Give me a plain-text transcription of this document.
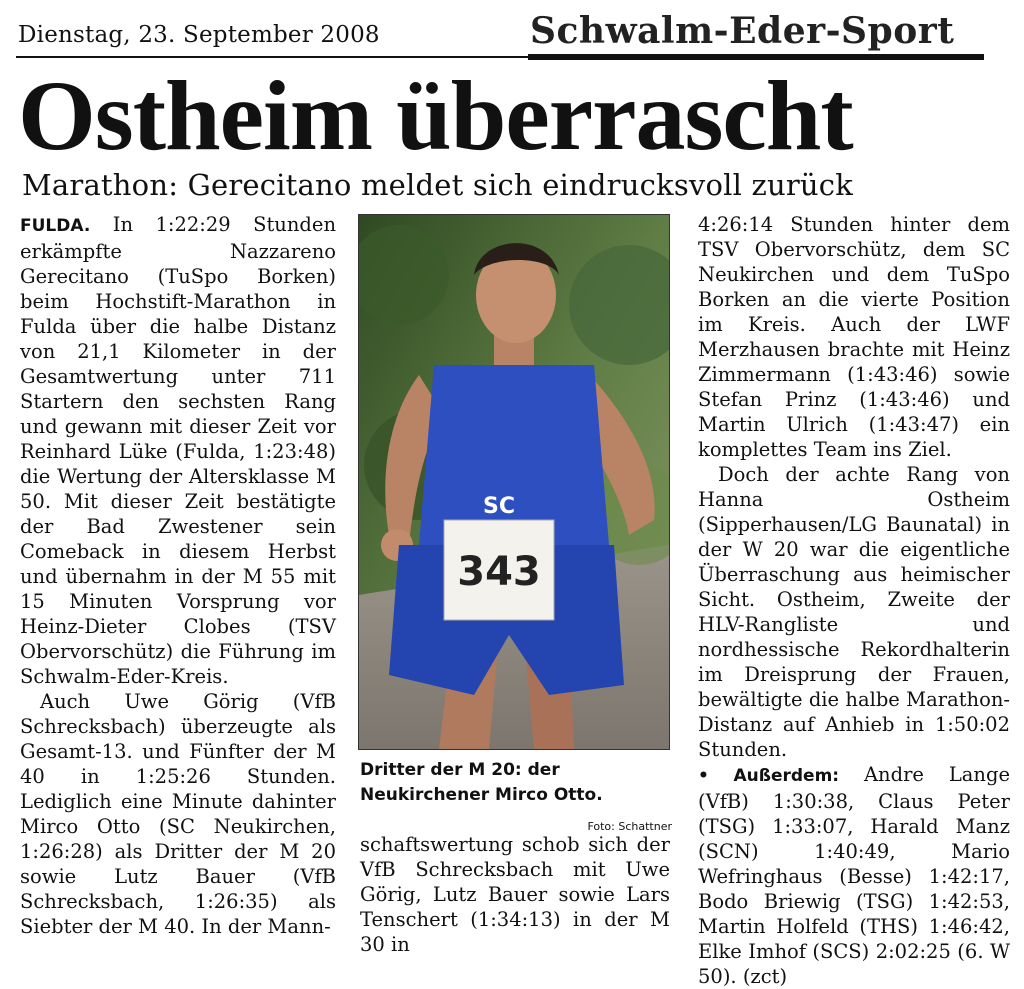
Dienstag, 23. September 2008	Schwalm-Eder-Sport
Ostheim überrascht
Marathon: Gerecitano meldet sich eindrucksvoll zurück

FULDA. In 1:22:29 Stunden erkämpfte Nazzareno Gerecitano (TuSpo Borken) beim Hochstift-Marathon in Fulda über die halbe Distanz von 21,1 Kilometer in der Gesamtwertung unter 711 Startern den sechsten Rang und gewann mit dieser Zeit vor Reinhard Lüke (Fulda, 1:23:48) die Wertung der Altersklasse M 50. Mit dieser Zeit bestätigte der Bad Zwestener sein Comeback in diesem Herbst und übernahm in der M 55 mit 15 Minuten Vorsprung vor Heinz-Dieter Clobes (TSV Obervorschütz) die Führung im Schwalm-Eder-Kreis.

Auch Uwe Görig (VfB Schrecksbach) überzeugte als Gesamt-13. und Fünfter der M 40 in 1:25:26 Stunden. Lediglich eine Minute dahinter Mirco Otto (SC Neukirchen, 1:26:28) als Dritter der M 20 sowie Lutz Bauer (VfB Schrecksbach, 1:26:35) als Siebter der M 40. In der Mann-

343
SC
Dritter der M 20: der Neukirchener Mirco Otto.
Foto: Schattner

schaftswertung schob sich der VfB Schrecksbach mit Uwe Görig, Lutz Bauer sowie Lars Tenschert (1:34:13) in der M 30 in

4:26:14 Stunden hinter dem TSV Obervorschütz, dem SC Neukirchen und dem TuSpo Borken an die vierte Position im Kreis. Auch der LWF Merzhausen brachte mit Heinz Zimmermann (1:43:46) sowie Stefan Prinz (1:43:46) und Martin Ulrich (1:43:47) ein komplettes Team ins Ziel.

Doch der achte Rang von Hanna Ostheim (Sipperhausen/LG Baunatal) in der W 20 war die eigentliche Überraschung aus heimischer Sicht. Ostheim, Zweite der HLV-Rangliste und nordhessische Rekordhalterin im Dreisprung der Frauen, bewältigte die halbe Marathon-Distanz auf Anhieb in 1:50:02 Stunden.

• Außerdem: Andre Lange (VfB) 1:30:38, Claus Peter (TSG) 1:33:07, Harald Manz (SCN) 1:40:49, Mario Wefringhaus (Besse) 1:42:17, Bodo Briewig (TSG) 1:42:53, Martin Holfeld (THS) 1:46:42, Elke Imhof (SCS) 2:02:25 (6. W 50). (zct)
